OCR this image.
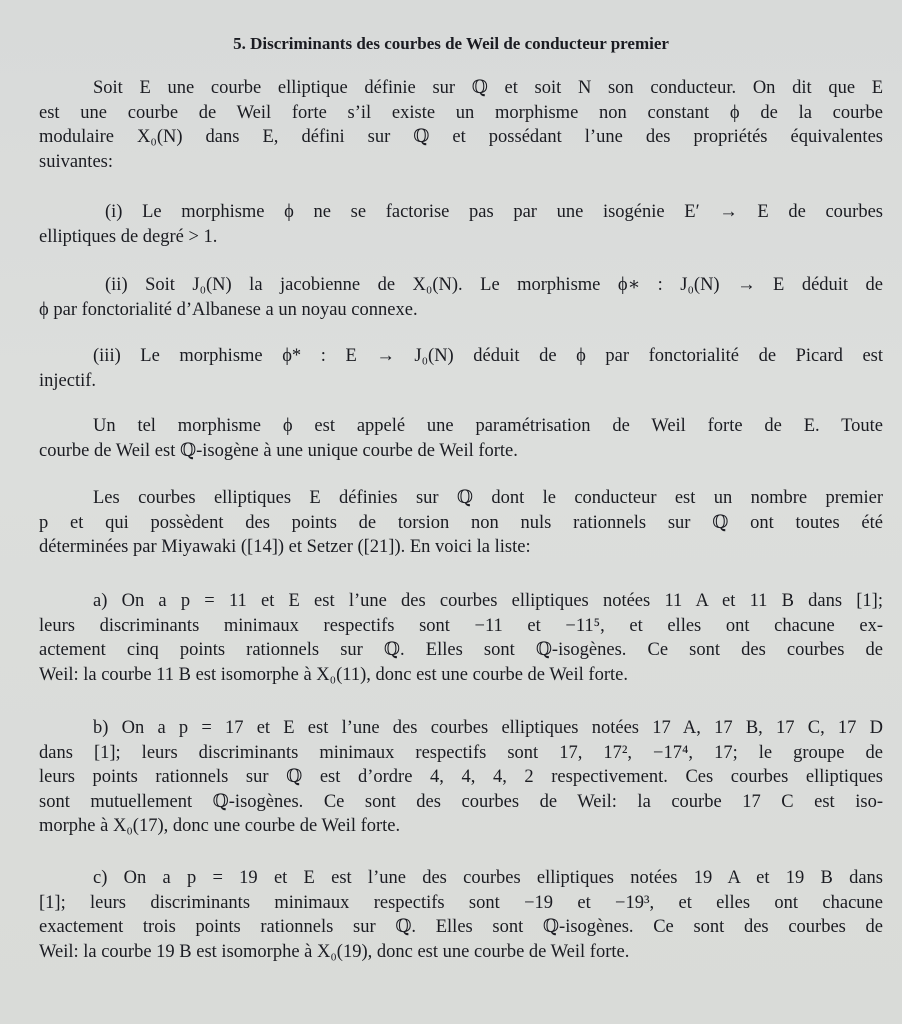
5. Discriminants des courbes de Weil de conducteur premier
Soit E une courbe elliptique définie sur ℚ et soit N son conducteur. On dit que E
est une courbe de Weil forte s’il existe un morphisme non constant ϕ de la courbe
modulaire X₀(N) dans E, défini sur ℚ et possédant l’une des propriétés équivalentes
suivantes:
(i) Le morphisme ϕ ne se factorise pas par une isogénie E′ → E de courbes
elliptiques de degré > 1.
(ii) Soit J₀(N) la jacobienne de X₀(N). Le morphisme ϕ∗ : J₀(N) → E déduit de
ϕ par fonctorialité d’Albanese a un noyau connexe.
(iii) Le morphisme ϕ* : E → J₀(N) déduit de ϕ par fonctorialité de Picard est
injectif.
Un tel morphisme ϕ est appelé une paramétrisation de Weil forte de E. Toute
courbe de Weil est ℚ-isogène à une unique courbe de Weil forte.
Les courbes elliptiques E définies sur ℚ dont le conducteur est un nombre premier
p et qui possèdent des points de torsion non nuls rationnels sur ℚ ont toutes été
déterminées par Miyawaki ([14]) et Setzer ([21]). En voici la liste:
a) On a p = 11 et E est l’une des courbes elliptiques notées 11 A et 11 B dans [1];
leurs discriminants minimaux respectifs sont −11 et −11⁵, et elles ont chacune ex-
actement cinq points rationnels sur ℚ. Elles sont ℚ-isogènes. Ce sont des courbes de
Weil: la courbe 11 B est isomorphe à X₀(11), donc est une courbe de Weil forte.
b) On a p = 17 et E est l’une des courbes elliptiques notées 17 A, 17 B, 17 C, 17 D
dans [1]; leurs discriminants minimaux respectifs sont 17, 17², −17⁴, 17; le groupe de
leurs points rationnels sur ℚ est d’ordre 4, 4, 4, 2 respectivement. Ces courbes elliptiques
sont mutuellement ℚ-isogènes. Ce sont des courbes de Weil: la courbe 17 C est iso-
morphe à X₀(17), donc une courbe de Weil forte.
c) On a p = 19 et E est l’une des courbes elliptiques notées 19 A et 19 B dans
[1]; leurs discriminants minimaux respectifs sont −19 et −19³, et elles ont chacune
exactement trois points rationnels sur ℚ. Elles sont ℚ-isogènes. Ce sont des courbes de
Weil: la courbe 19 B est isomorphe à X₀(19), donc est une courbe de Weil forte.
